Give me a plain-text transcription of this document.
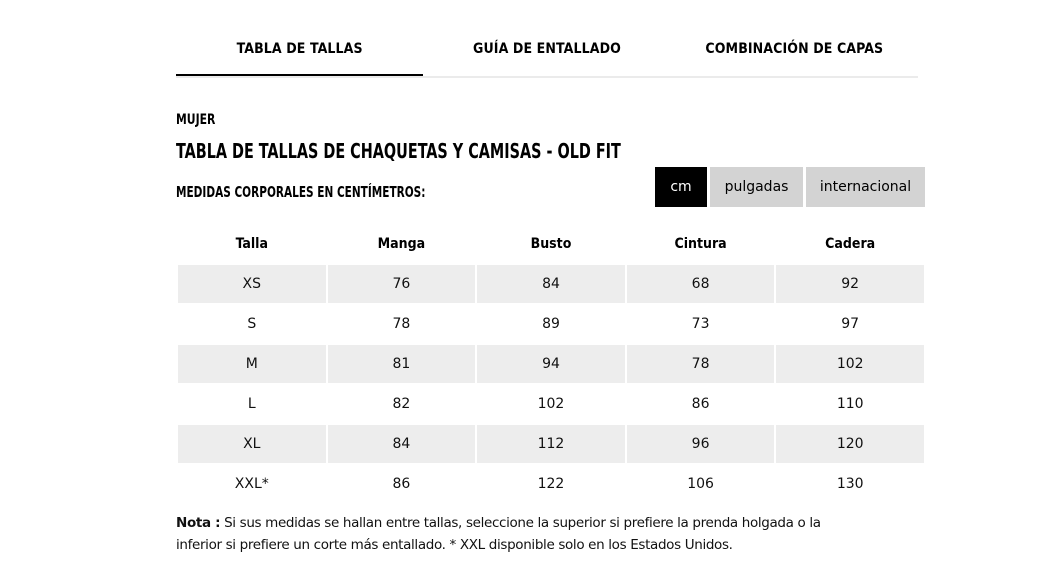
TABLA DE TALLAS	GUÍA DE ENTALLADO	COMBINACIÓN DE CAPAS
MUJER
TABLA DE TALLAS DE CHAQUETAS Y CAMISAS - OLD FIT
MEDIDAS CORPORALES EN CENTÍMETROS:	cm	pulgadas	internacional
Talla	Manga	Busto	Cintura	Cadera
XS	76	84	68	92
S	78	89	73	97
M	81	94	78	102
L	82	102	86	110
XL	84	112	96	120
XXL*	86	122	106	130
Nota : Si sus medidas se hallan entre tallas, seleccione la superior si prefiere la prenda holgada o la inferior si prefiere un corte más entallado. * XXL disponible solo en los Estados Unidos.
